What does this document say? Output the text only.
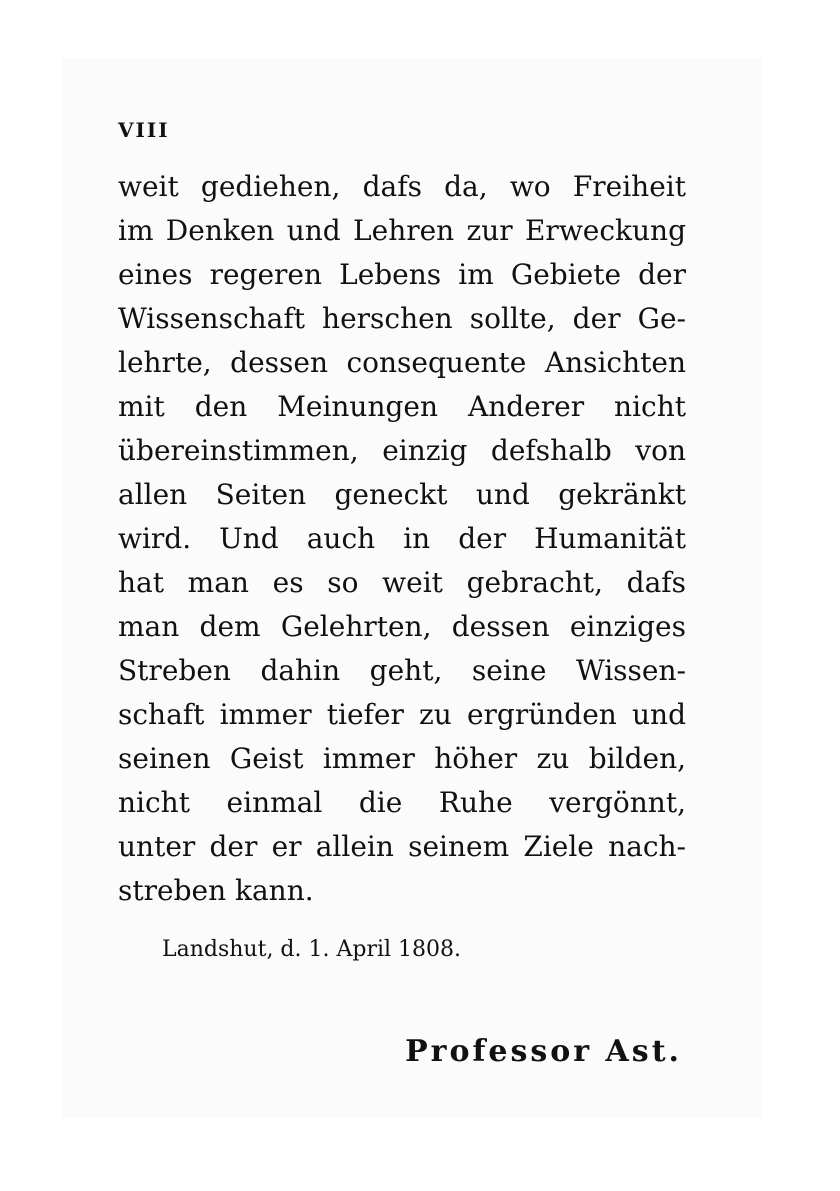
VIII
weit gediehen, dafs da, wo Freiheit
im Denken und Lehren zur Erweckung
eines regeren Lebens im Gebiete der
Wissenschaft herschen sollte, der Ge-
lehrte, dessen consequente Ansichten
mit den Meinungen Anderer nicht
übereinstimmen, einzig defshalb von
allen Seiten geneckt und gekränkt
wird. Und auch in der Humanität
hat man es so weit gebracht, dafs
man dem Gelehrten, dessen einziges
Streben dahin geht, seine Wissen-
schaft immer tiefer zu ergründen und
seinen Geist immer höher zu bilden,
nicht einmal die Ruhe vergönnt,
unter der er allein seinem Ziele nach-
streben kann.
Landshut, d. 1. April 1808.
Professor Ast.
